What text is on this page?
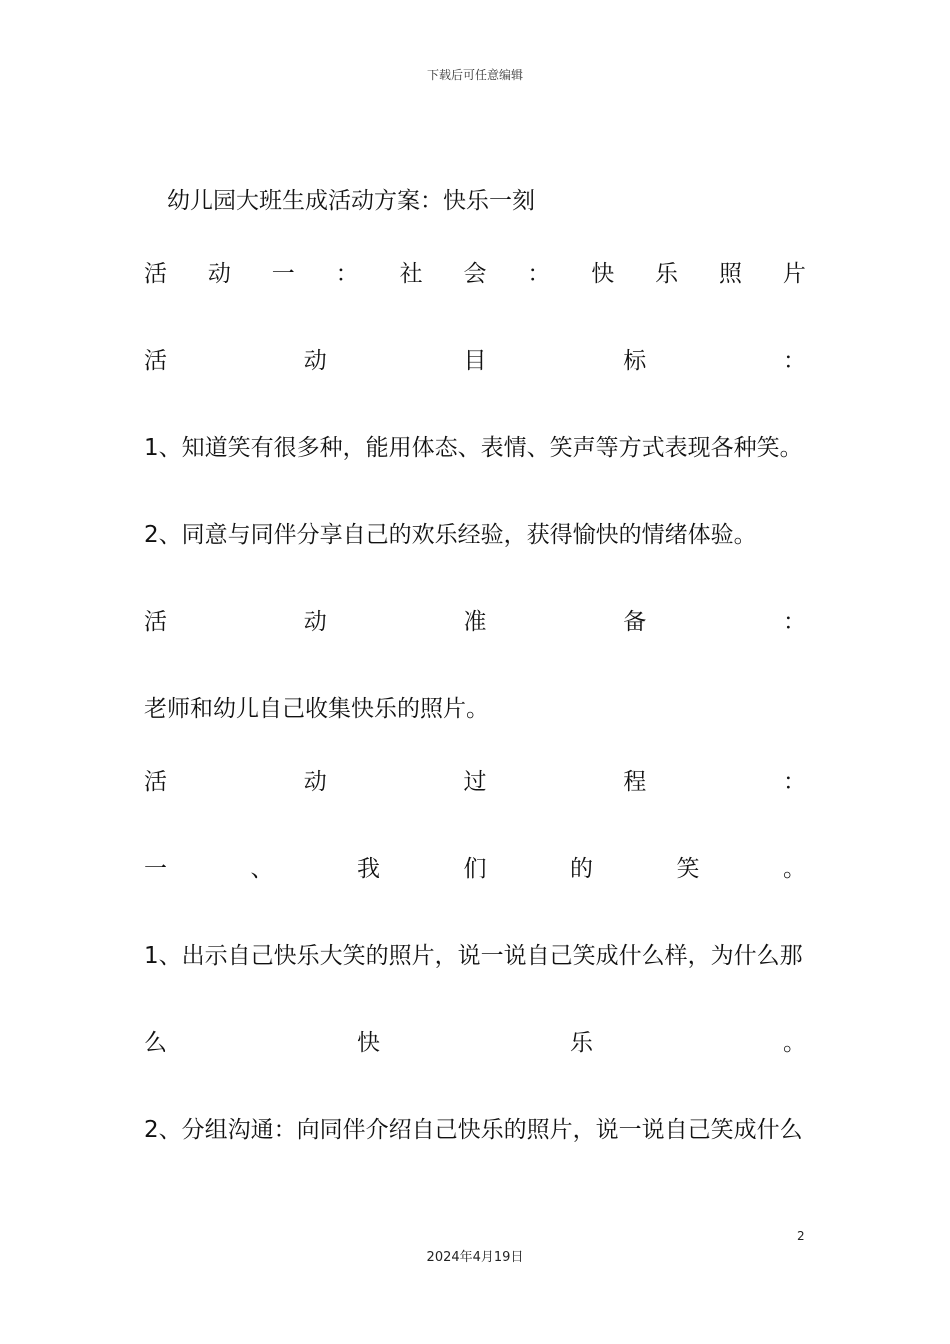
下载后可任意编辑
幼儿园大班生成活动方案：快乐一刻
活 动 一 ： 社 会 ： 快 乐 照 片
活	动	目	标	：
1、知道笑有很多种，能用体态、表情、笑声等方式表现各种笑。
2、同意与同伴分享自己的欢乐经验，获得愉快的情绪体验。
活	动	准	备	：
老师和幼儿自己收集快乐的照片。
活	动	过	程	：
一	、	我	们	的	笑	。
1、出示自己快乐大笑的照片，说一说自己笑成什么样，为什么那
么	快	乐	。
2、分组沟通：向同伴介绍自己快乐的照片，说一说自己笑成什么
2
2024年4月19日
